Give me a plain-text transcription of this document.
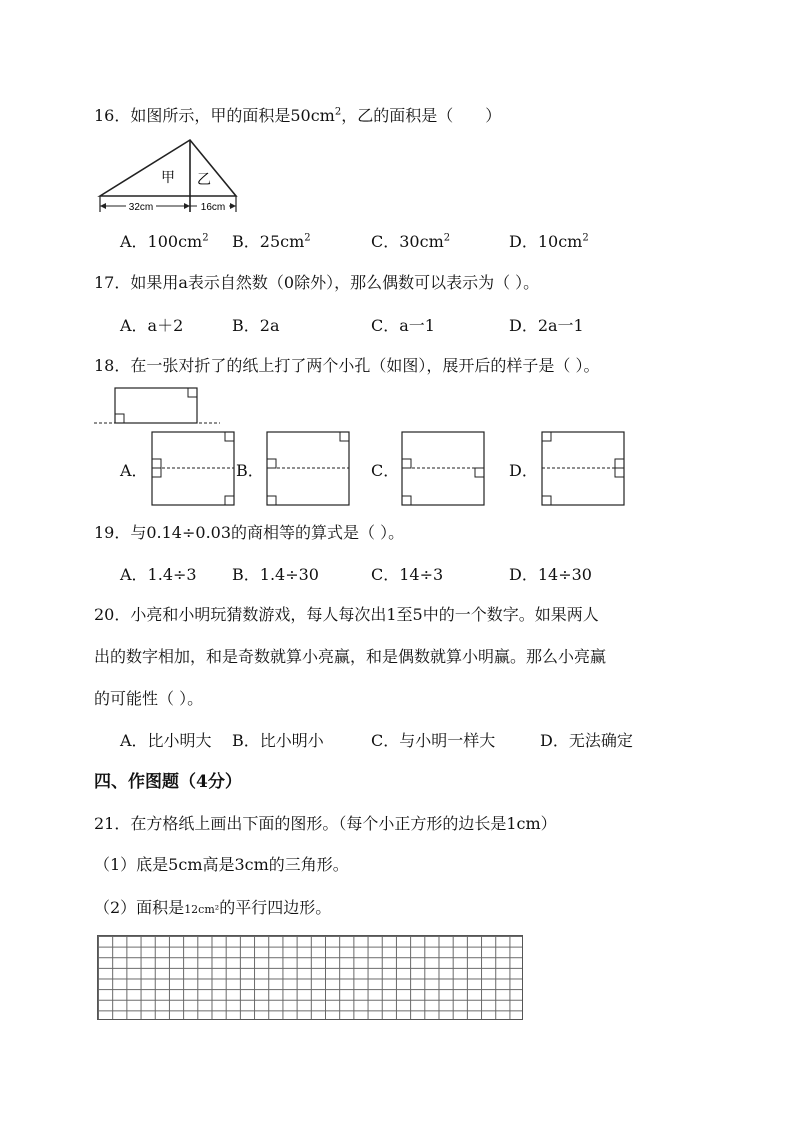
16．如图所示，甲的面积是$50cm^2$，乙的面积是（　　）
32cm	16cm
甲 乙
A．$100cm^2$ B．$25cm^2$	C．$30cm^2$	D．$10cm^2$
17．如果用a表示自然数（0除外），那么偶数可以表示为（ ）。
A．a＋2	B．2a	C．a一1	D．2a一1
18．在一张对折了的纸上打了两个小孔（如图），展开后的样子是（ ）。
A．	B．	C．	D．
19．与0.14÷0.03的商相等的算式是（ ）。
A．1.4÷3 B．1.4÷30	C．14÷3	D．14÷30
20．小亮和小明玩猜数游戏，每人每次出1至5中的一个数字。如果两人
出的数字相加，和是奇数就算小亮赢，和是偶数就算小明赢。那么小亮赢
的可能性（ ）。
A．比小明大 B．比小明小	C．与小明一样大	D．无法确定
四、作图题（4分）
21．在方格纸上画出下面的图形。（每个小正方形的边长是1cm）
（1）底是5cm高是3cm的三角形。
（2）面积是12cm²的平行四边形。
